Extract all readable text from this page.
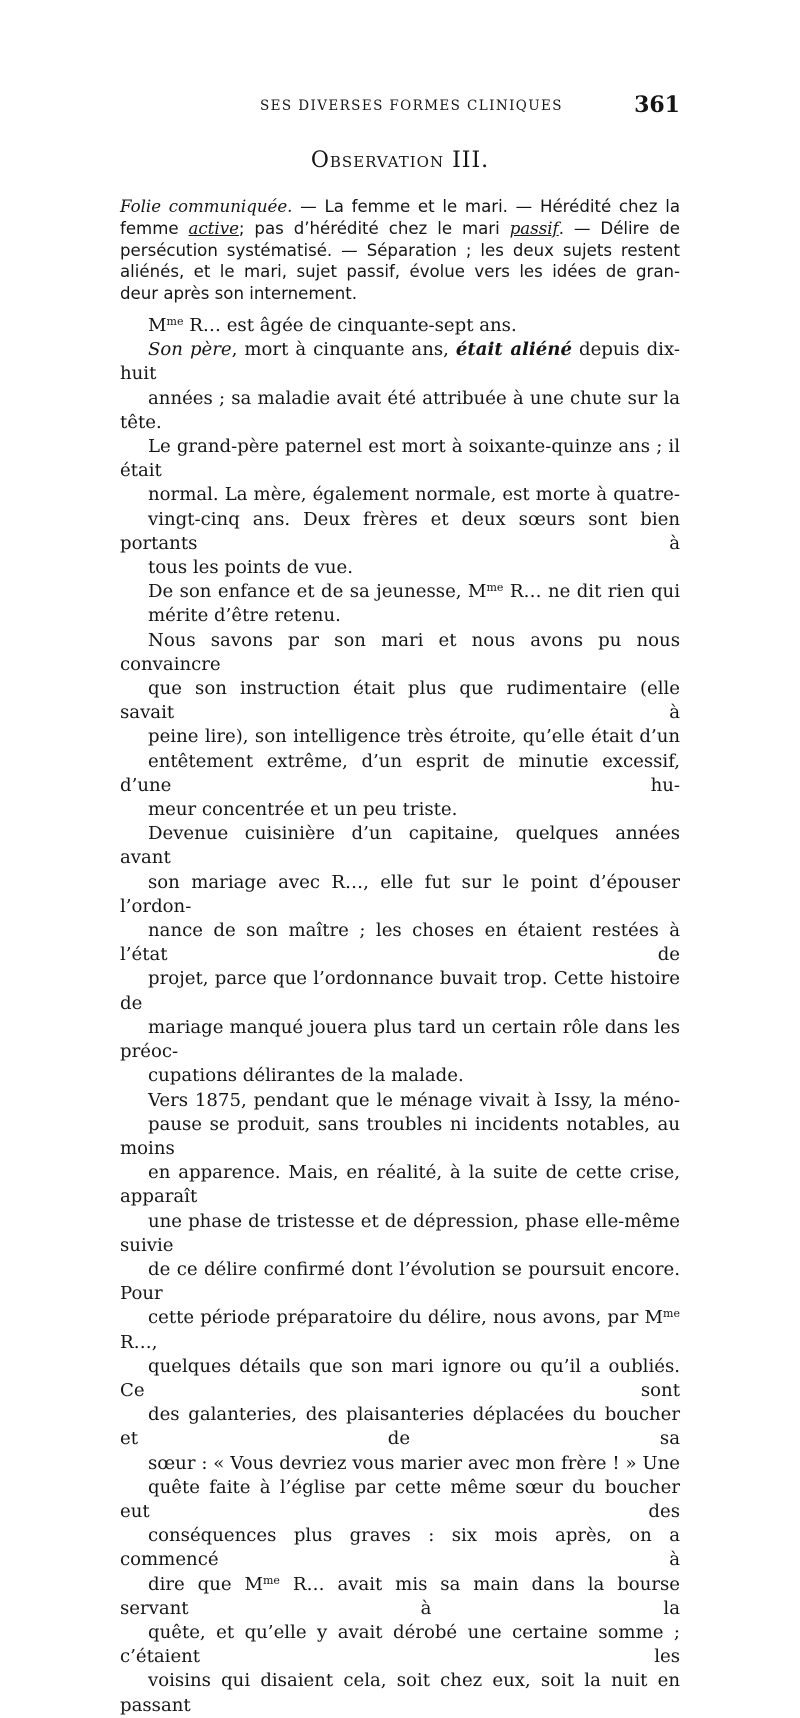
SES DIVERSES FORMES CLINIQUES	361
Observation III.
Folie communiquée. — La femme et le mari. — Hérédité chez la
femme active; pas d’hérédité chez le mari passif. — Délire de
persécution systématisé. — Séparation ; les deux sujets restent
aliénés, et le mari, sujet passif, évolue vers les idées de gran-
deur après son internement.

$M^{me}$ R… est âgée de cinquante-sept ans.

Son père, mort à cinquante ans, était aliéné depuis dix-huit
années ; sa maladie avait été attribuée à une chute sur la tête.
Le grand-père paternel est mort à soixante-quinze ans ; il était
normal. La mère, également normale, est morte à quatre-
vingt-cinq ans. Deux frères et deux sœurs sont bien portants à
tous les points de vue.

De son enfance et de sa jeunesse, $M^{me}$ R… ne dit rien qui
mérite d’être retenu.

Nous savons par son mari et nous avons pu nous convaincre
que son instruction était plus que rudimentaire (elle savait à
peine lire), son intelligence très étroite, qu’elle était d’un
entêtement extrême, d’un esprit de minutie excessif, d’une hu-
meur concentrée et un peu triste.

Devenue cuisinière d’un capitaine, quelques années avant
son mariage avec R…, elle fut sur le point d’épouser l’ordon-
nance de son maître ; les choses en étaient restées à l’état de
projet, parce que l’ordonnance buvait trop. Cette histoire de
mariage manqué jouera plus tard un certain rôle dans les préoc-
cupations délirantes de la malade.

Vers 1875, pendant que le ménage vivait à Issy, la méno-
pause se produit, sans troubles ni incidents notables, au moins
en apparence. Mais, en réalité, à la suite de cette crise, apparaît
une phase de tristesse et de dépression, phase elle-même suivie
de ce délire confirmé dont l’évolution se poursuit encore. Pour
cette période préparatoire du délire, nous avons, par $M^{me}$ R…,
quelques détails que son mari ignore ou qu’il a oubliés. Ce sont
des galanteries, des plaisanteries déplacées du boucher et de sa
sœur : « Vous devriez vous marier avec mon frère ! » Une
quête faite à l’église par cette même sœur du boucher eut des
conséquences plus graves : six mois après, on a commencé à
dire que $M^{me}$ R… avait mis sa main dans la bourse servant à la
quête, et qu’elle y avait dérobé une certaine somme ; c’étaient les
voisins qui disaient cela, soit chez eux, soit la nuit en passant
